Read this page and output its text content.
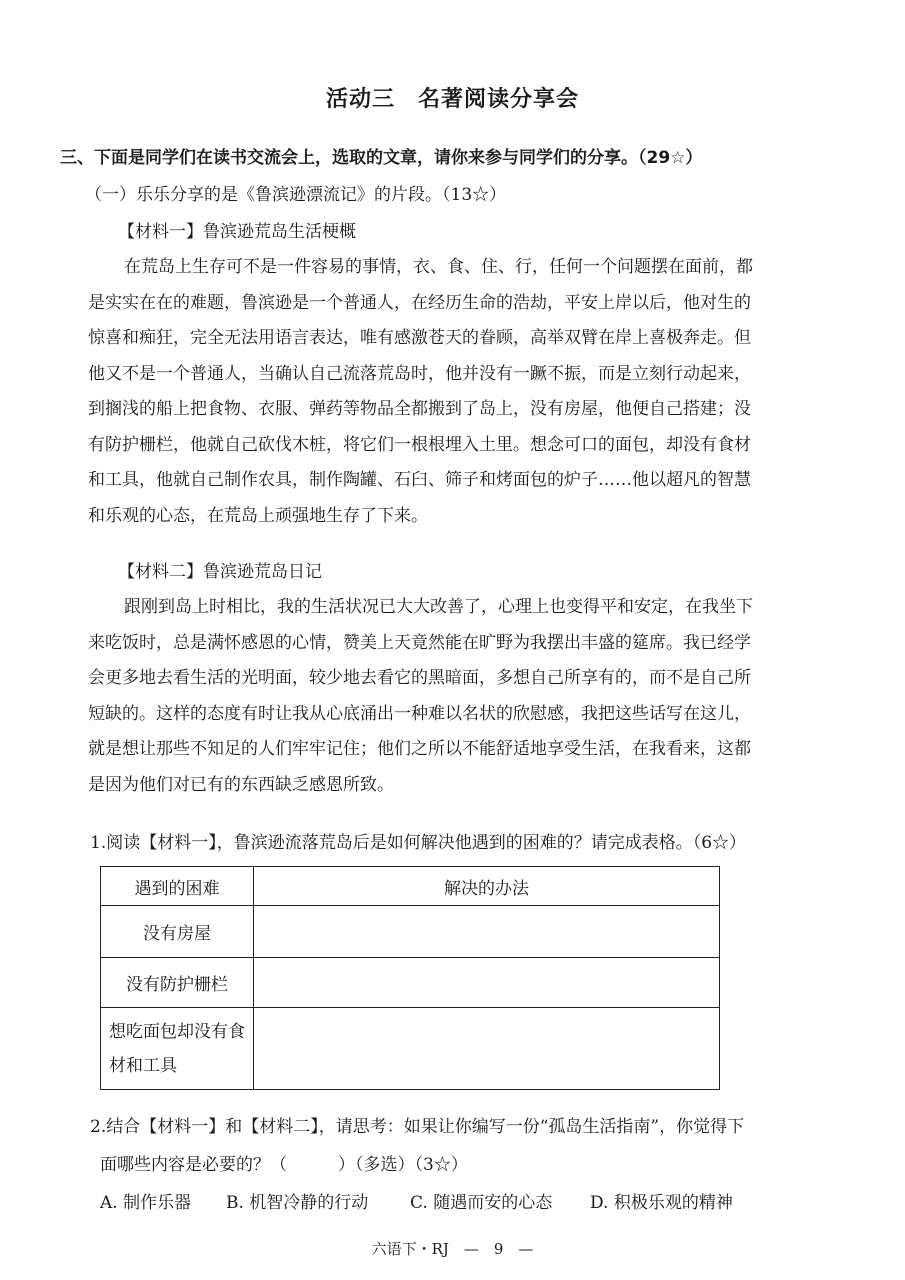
活动三　名著阅读分享会
三、下面是同学们在读书交流会上，选取的文章，请你来参与同学们的分享。（29☆）
（一）乐乐分享的是《鲁滨逊漂流记》的片段。（13☆）
【材料一】鲁滨逊荒岛生活梗概

在荒岛上生存可不是一件容易的事情，衣、食、住、行，任何一个问题摆在面前，都是实实在在的难题，鲁滨逊是一个普通人，在经历生命的浩劫，平安上岸以后，他对生的惊喜和痴狂，完全无法用语言表达，唯有感激苍天的眷顾，高举双臂在岸上喜极奔走。但他又不是一个普通人，当确认自己流落荒岛时，他并没有一蹶不振，而是立刻行动起来，到搁浅的船上把食物、衣服、弹药等物品全都搬到了岛上，没有房屋，他便自己搭建；没有防护栅栏，他就自己砍伐木桩，将它们一根根埋入土里。想念可口的面包，却没有食材和工具，他就自己制作农具，制作陶罐、石臼、筛子和烤面包的炉子……他以超凡的智慧和乐观的心态，在荒岛上顽强地生存了下来。

【材料二】鲁滨逊荒岛日记

跟刚到岛上时相比，我的生活状况已大大改善了，心理上也变得平和安定，在我坐下来吃饭时，总是满怀感恩的心情，赞美上天竟然能在旷野为我摆出丰盛的筵席。我已经学会更多地去看生活的光明面，较少地去看它的黑暗面，多想自己所享有的，而不是自己所短缺的。这样的态度有时让我从心底涌出一种难以名状的欣慰感，我把这些话写在这儿，就是想让那些不知足的人们牢牢记住；他们之所以不能舒适地享受生活，在我看来，这都是因为他们对已有的东西缺乏感恩所致。

1.阅读【材料一】，鲁滨逊流落荒岛后是如何解决他遇到的困难的？请完成表格。（6☆）
遇到的困难	解决的办法
没有房屋	
没有防护栅栏	
想吃面包却没有食材和工具	
2.结合【材料一】和【材料二】，请思考：如果让你编写一份“孤岛生活指南”，你觉得下
面哪些内容是必要的？（　　　）（多选）（3☆）
A. 制作乐器 B. 机智冷静的行动 C. 随遇而安的心态 D. 积极乐观的精神
六语下・RJ　—　9　—
